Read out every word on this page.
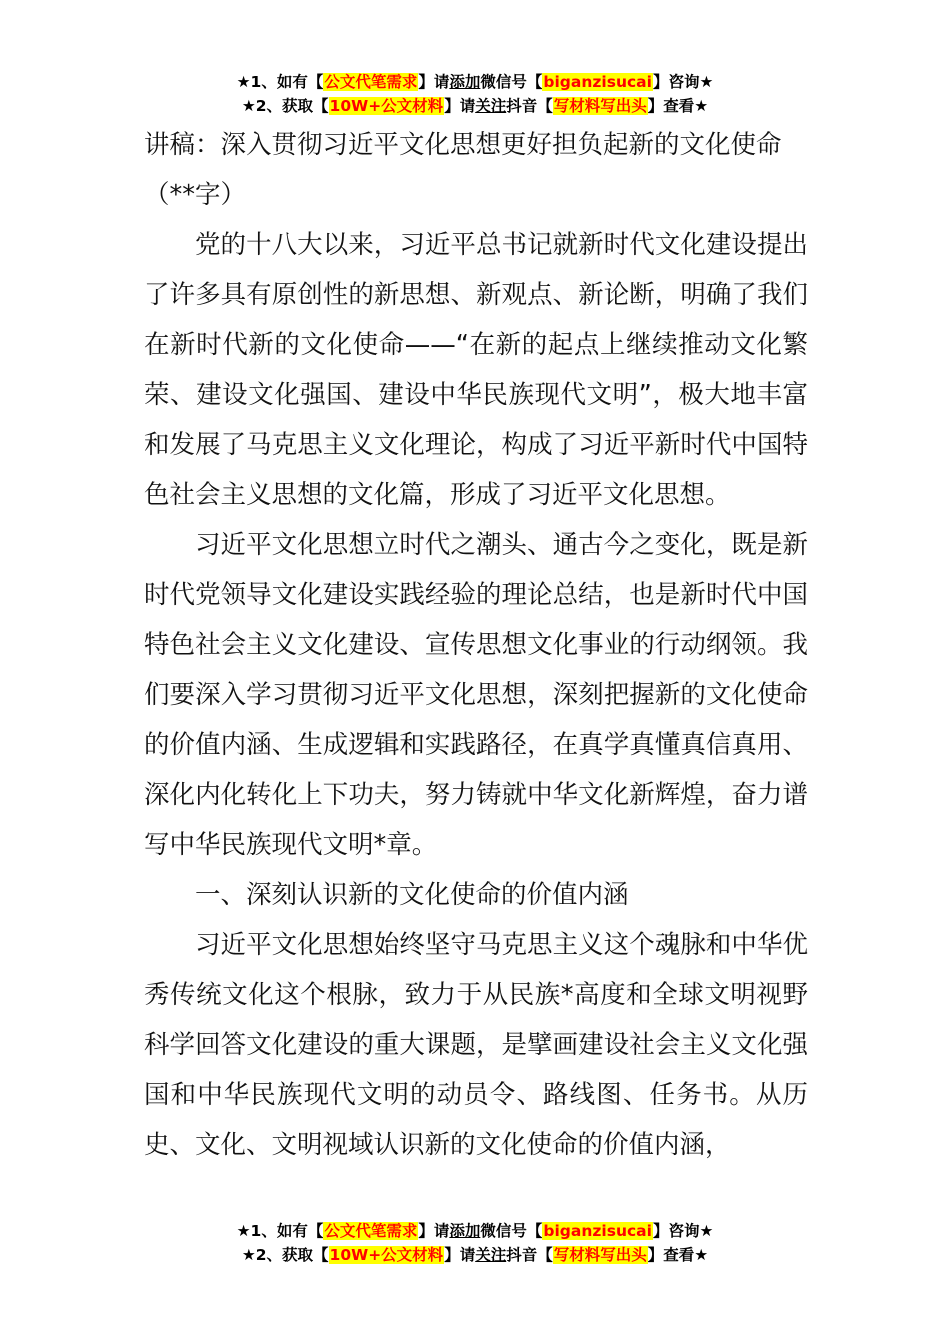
★1、如有【公文代笔需求】请添加微信号【biganzisucai】咨询★
★2、获取【10W+公文材料】请关注抖音【写材料写出头】查看★

讲稿：深入贯彻习近平文化思想更好担负起新的文化使命（**字）

党的十八大以来，习近平总书记就新时代文化建设提出了许多具有原创性的新思想、新观点、新论断，明确了我们在新时代新的文化使命——“在新的起点上继续推动文化繁荣、建设文化强国、建设中华民族现代文明”，极大地丰富和发展了马克思主义文化理论，构成了习近平新时代中国特色社会主义思想的文化篇，形成了习近平文化思想。

习近平文化思想立时代之潮头、通古今之变化，既是新时代党领导文化建设实践经验的理论总结，也是新时代中国特色社会主义文化建设、宣传思想文化事业的行动纲领。我们要深入学习贯彻习近平文化思想，深刻把握新的文化使命的价值内涵、生成逻辑和实践路径，在真学真懂真信真用、深化内化转化上下功夫，努力铸就中华文化新辉煌，奋力谱写中华民族现代文明*章。

一、深刻认识新的文化使命的价值内涵

习近平文化思想始终坚守马克思主义这个魂脉和中华优秀传统文化这个根脉，致力于从民族*高度和全球文明视野科学回答文化建设的重大课题，是擘画建设社会主义文化强国和中华民族现代文明的动员令、路线图、任务书。从历史、文化、文明视域认识新的文化使命的价值内涵，

★1、如有【公文代笔需求】请添加微信号【biganzisucai】咨询★
★2、获取【10W+公文材料】请关注抖音【写材料写出头】查看★
